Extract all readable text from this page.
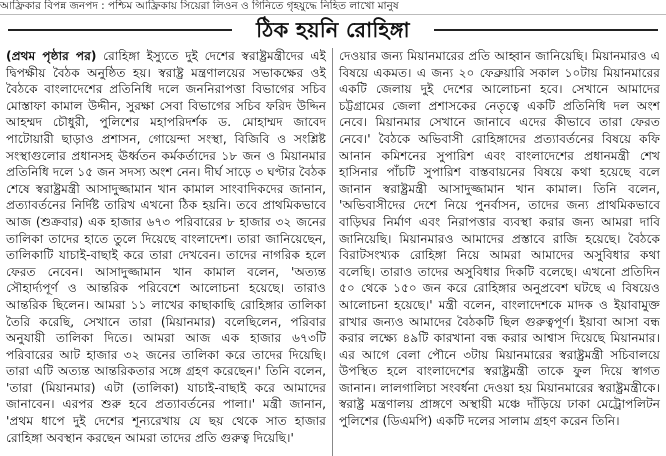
আফ্রিকার বিপন্ন জনপদ : পশ্চিম আফ্রিকায় সিয়েরা লিওন ও গিনিতে গৃহযুদ্ধে নিহিত লাখো মানুষ
ঠিক হয়নি রোহিঙ্গা

(প্রথম পৃষ্ঠার পর) রোহিঙ্গা ইস্যুতে দুই দেশের স্বরাষ্ট্রমন্ত্রীদের এই দ্বিপক্ষীয় বৈঠক অনুষ্ঠিত হয়। স্বরাষ্ট্র মন্ত্রণালয়ের সভাকক্ষের ওই বৈঠকে বাংলাদেশের প্রতিনিধি দলে জননিরাপত্তা বিভাগের সচিব মোস্তাফা কামাল উদ্দীন, সুরক্ষা সেবা বিভাগের সচিব ফরিদ উদ্দিন আহম্মদ চৌধুরী, পুলিশের মহাপরিদর্শক ড. মোহাম্মদ জাবেদ পাটোয়ারী ছাড়াও প্রশাসন, গোয়েন্দা সংস্থা, বিজিবি ও সংশ্লিষ্ট সংস্থাগুলোর প্রধানসহ ঊর্ধ্বতন কর্মকর্তাদের ১৮ জন ও মিয়ানমার প্রতিনিধি দলে ১৫ জন সদস্য অংশ নেন। দীর্ঘ সাড়ে ৩ ঘণ্টার বৈঠক শেষে স্বরাষ্ট্রমন্ত্রী আসাদুজ্জামান খান কামাল সাংবাদিকদের জানান, প্রত্যাবর্তনের নির্দিষ্ট তারিখ এখনো ঠিক হয়নি। তবে প্রাথমিকভাবে আজ (শুক্রবার) এক হাজার ৬৭৩ পরিবারের ৮ হাজার ৩২ জনের তালিকা তাদের হাতে তুলে দিয়েছে বাংলাদেশ। তারা জানিয়েছেন, তালিকাটি যাচাই-বাছাই করে তারা দেখবেন। তাদের নাগরিক হলে ফেরত নেবেন। আসাদুজ্জামান খান কামাল বলেন, 'অত্যন্ত সৌহার্দ্যপূর্ণ ও আন্তরিক পরিবেশে আলোচনা হয়েছে। তারাও আন্তরিক ছিলেন। আমরা ১১ লাখের কাছাকাছি রোহিঙ্গার তালিকা তৈরি করেছি, সেখানে তারা (মিয়ানমার) বলেছিলেন, পরিবার অনুযায়ী তালিকা দিতে। আমরা আজ এক হাজার ৬৭৩টি পরিবারের আট হাজার ৩২ জনের তালিকা করে তাদের দিয়েছি। তারা এটি অত্যন্ত আন্তরিকতার সঙ্গে গ্রহণ করেছেন।' তিনি বলেন, 'তারা (মিয়ানমার) এটা (তালিকা) যাচাই-বাছাই করে আমাদের জানাবেন। এরপর শুরু হবে প্রত্যাবর্তনের পালা।' মন্ত্রী জানান, 'প্রথম ধাপে দুই দেশের শূন্যরেখায় যে ছয় থেকে সাত হাজার রোহিঙ্গা অবস্থান করছেন আমরা তাদের প্রতি গুরুত্ব দিয়েছি।'

দেওয়ার জন্য মিয়ানমারের প্রতি আহ্বান জানিয়েছি। মিয়ানমারও এ বিষয়ে একমত। এ জন্য ২০ ফেব্রুয়ারি সকাল ১০টায় মিয়ানমারের একটি জেলায় দুই দেশের আলোচনা হবে। সেখানে আমাদের চট্টগ্রামের জেলা প্রশাসকের নেতৃত্বে একটি প্রতিনিধি দল অংশ নেবে। মিয়ানমার সেখানে জানাবে এদের কীভাবে তারা ফেরত নেবে।' বৈঠকে অভিবাসী রোহিঙ্গাদের প্রত্যাবর্তনের বিষয়ে কফি আনান কমিশনের সুপারিশ এবং বাংলাদেশের প্রধানমন্ত্রী শেখ হাসিনার পাঁচটি সুপারিশ বাস্তবায়নের বিষয়ে কথা হয়েছে বলে জানান স্বরাষ্ট্রমন্ত্রী আসাদুজ্জামান খান কামাল। তিনি বলেন, 'অভিবাসীদের দেশে নিয়ে পুনর্বাসন, তাদের জন্য প্রাথমিকভাবে বাড়িঘর নির্মাণ এবং নিরাপত্তার ব্যবস্থা করার জন্য আমরা দাবি জানিয়েছি। মিয়ানমারও আমাদের প্রস্তাবে রাজি হয়েছে। বৈঠকে বিরাটসংখ্যক রোহিঙ্গা নিয়ে আমরা আমাদের অসুবিধার কথা বলেছি। তারাও তাদের অসুবিধার দিকটি বলেছে। এখনো প্রতিদিন ৫০ থেকে ১৫০ জন করে রোহিঙ্গার অনুপ্রবেশ ঘটছে এ বিষয়েও আলোচনা হয়েছে।' মন্ত্রী বলেন, বাংলাদেশকে মাদক ও ইয়াবামুক্ত রাখার জন্যও আমাদের বৈঠকটি ছিল গুরুত্বপূর্ণ। ইয়াবা আসা বন্ধ করার লক্ষ্যে ৪৯টি কারখানা বন্ধ করার আশ্বাস দিয়েছে মিয়ানমার। এর আগে বেলা পৌনে ৩টায় মিয়ানমারের স্বরাষ্ট্রমন্ত্রী সচিবালয়ে উপস্থিত হলে বাংলাদেশের স্বরাষ্ট্রমন্ত্রী তাকে ফুল দিয়ে স্বাগত জানান। লালগালিচা সংবর্ধনা দেওয়া হয় মিয়ানমারের স্বরাষ্ট্রমন্ত্রীকে। স্বরাষ্ট্র মন্ত্রণালয় প্রাঙ্গণে অস্থায়ী মঞ্চে দাঁড়িয়ে ঢাকা মেট্রোপলিটন পুলিশের (ডিএমপি) একটি দলের সালাম গ্রহণ করেন তিনি।
